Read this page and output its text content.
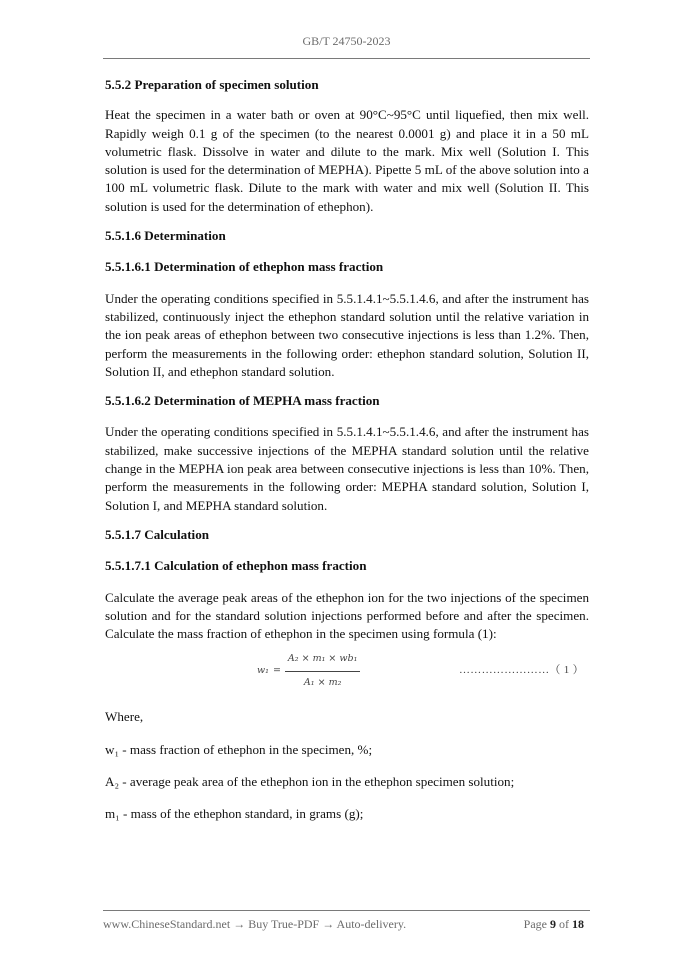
GB/T 24750-2023

5.5.2 Preparation of specimen solution

Heat the specimen in a water bath or oven at 90°C~95°C until liquefied, then mix well. Rapidly weigh 0.1 g of the specimen (to the nearest 0.0001 g) and place it in a 50 mL volumetric flask. Dissolve in water and dilute to the mark. Mix well (Solution I. This solution is used for the determination of MEPHA). Pipette 5 mL of the above solution into a 100 mL volumetric flask. Dilute to the mark with water and mix well (Solution II. This solution is used for the determination of ethephon).

5.5.1.6 Determination

5.5.1.6.1 Determination of ethephon mass fraction

Under the operating conditions specified in 5.5.1.4.1~5.5.1.4.6, and after the instrument has stabilized, continuously inject the ethephon standard solution until the relative variation in the ion peak areas of ethephon between two consecutive injections is less than 1.2%. Then, perform the measurements in the following order: ethephon standard solution, Solution II, Solution II, and ethephon standard solution.

5.5.1.6.2 Determination of MEPHA mass fraction

Under the operating conditions specified in 5.5.1.4.1~5.5.1.4.6, and after the instrument has stabilized, make successive injections of the MEPHA standard solution until the relative change in the MEPHA ion peak area between consecutive injections is less than 10%. Then, perform the measurements in the following order: MEPHA standard solution, Solution I, Solution I, and MEPHA standard solution.

5.5.1.7 Calculation

5.5.1.7.1 Calculation of ethephon mass fraction

Calculate the average peak areas of the ethephon ion for the two injections of the specimen solution and for the standard solution injections performed before and after the specimen. Calculate the mass fraction of ethephon in the specimen using formula (1):

$w_1 = \frac{\text{A₂ × m₁ × wb₁}}{\text{A₁ × m₂}}$	……………………（ 1 ）

Where,

w₁ - mass fraction of ethephon in the specimen, %;

A₂ - average peak area of the ethephon ion in the ethephon specimen solution;

m₁ - mass of the ethephon standard, in grams (g);

www.ChineseStandard.net → Buy True-PDF → Auto-delivery.	Page 9 of 18
